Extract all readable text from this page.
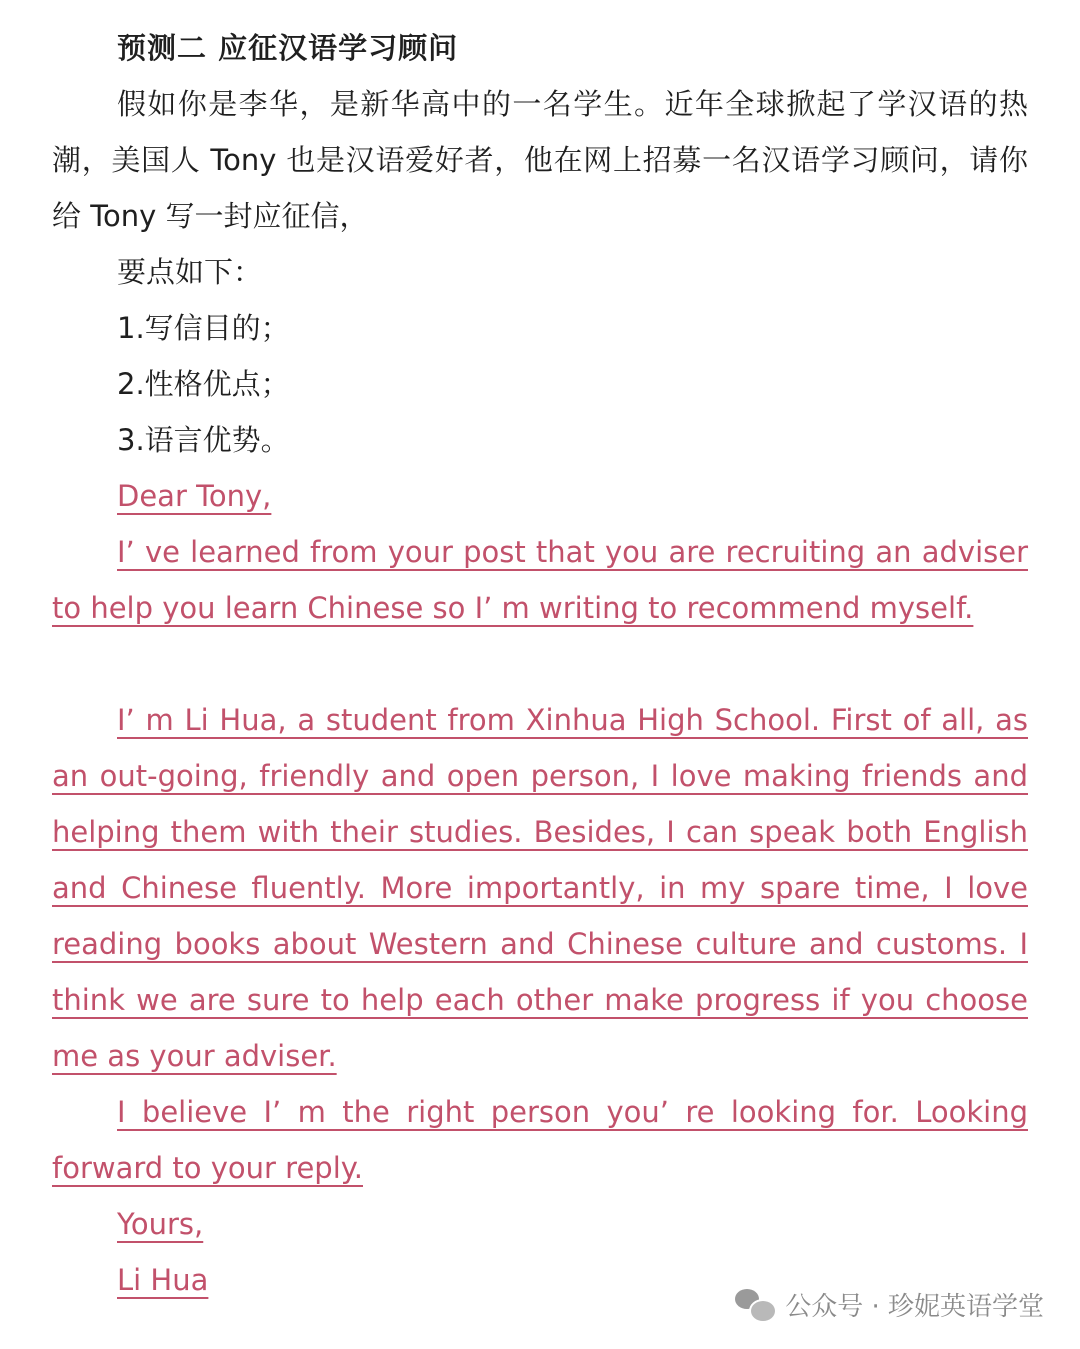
预测二 应征汉语学习顾问
假如你是李华，是新华高中的一名学生。近年全球掀起了学汉语的热潮，美国人 Tony 也是汉语爱好者，他在网上招募一名汉语学习顾问，请你给 Tony 写一封应征信，
要点如下：
1.写信目的；
2.性格优点；
3.语言优势。

Dear Tony,

I’ ve learned from your post that you are recruiting an adviser to help you learn Chinese so I’ m writing to recommend myself.

I’ m Li Hua, a student from Xinhua High School. First of all, as an out-going, friendly and open person, I love making friends and helping them with their studies. Besides, I can speak both English and Chinese fluently. More importantly, in my spare time, I love reading books about Western and Chinese culture and customs. I think we are sure to help each other make progress if you choose me as your adviser.

I believe I’ m the right person you’ re looking for. Looking forward to your reply.

Yours,

Li Hua

公众号 · 珍妮英语学堂
